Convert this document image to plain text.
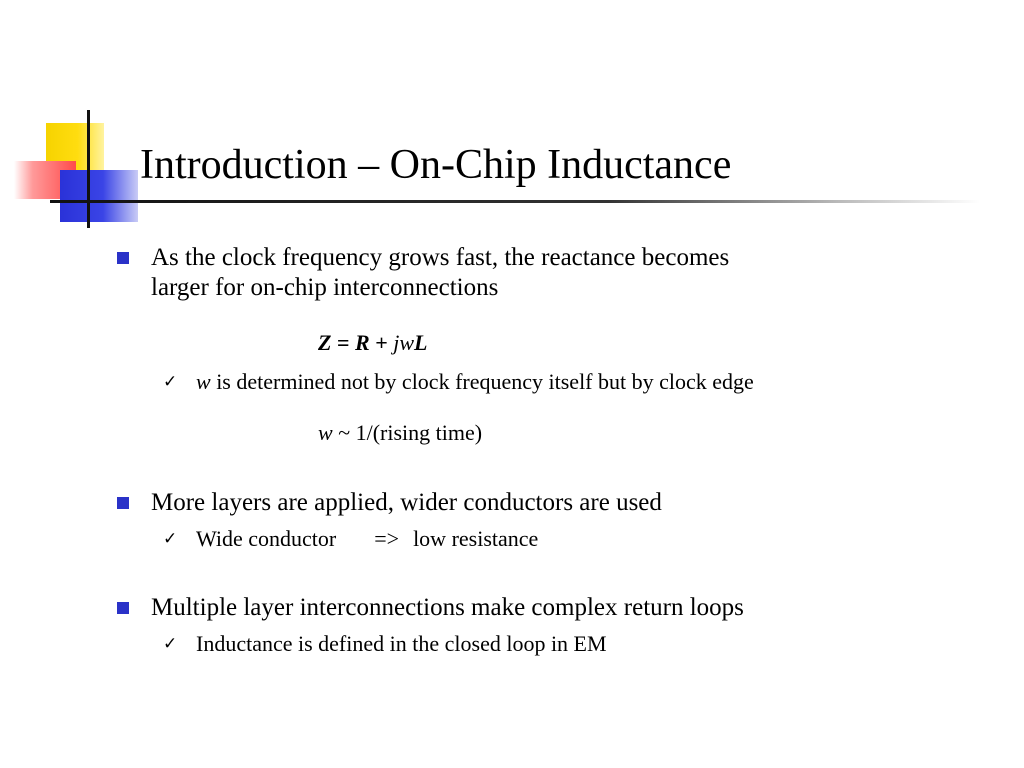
Introduction – On-Chip Inductance
As the clock frequency grows fast, the reactance becomes
larger for on-chip interconnections
Z = R + jwL
✓ w is determined not by clock frequency itself but by clock edge
w ~ 1/(rising time)
More layers are applied, wider conductors are used
✓ Wide conductor => low resistance
Multiple layer interconnections make complex return loops
✓ Inductance is defined in the closed loop in EM
